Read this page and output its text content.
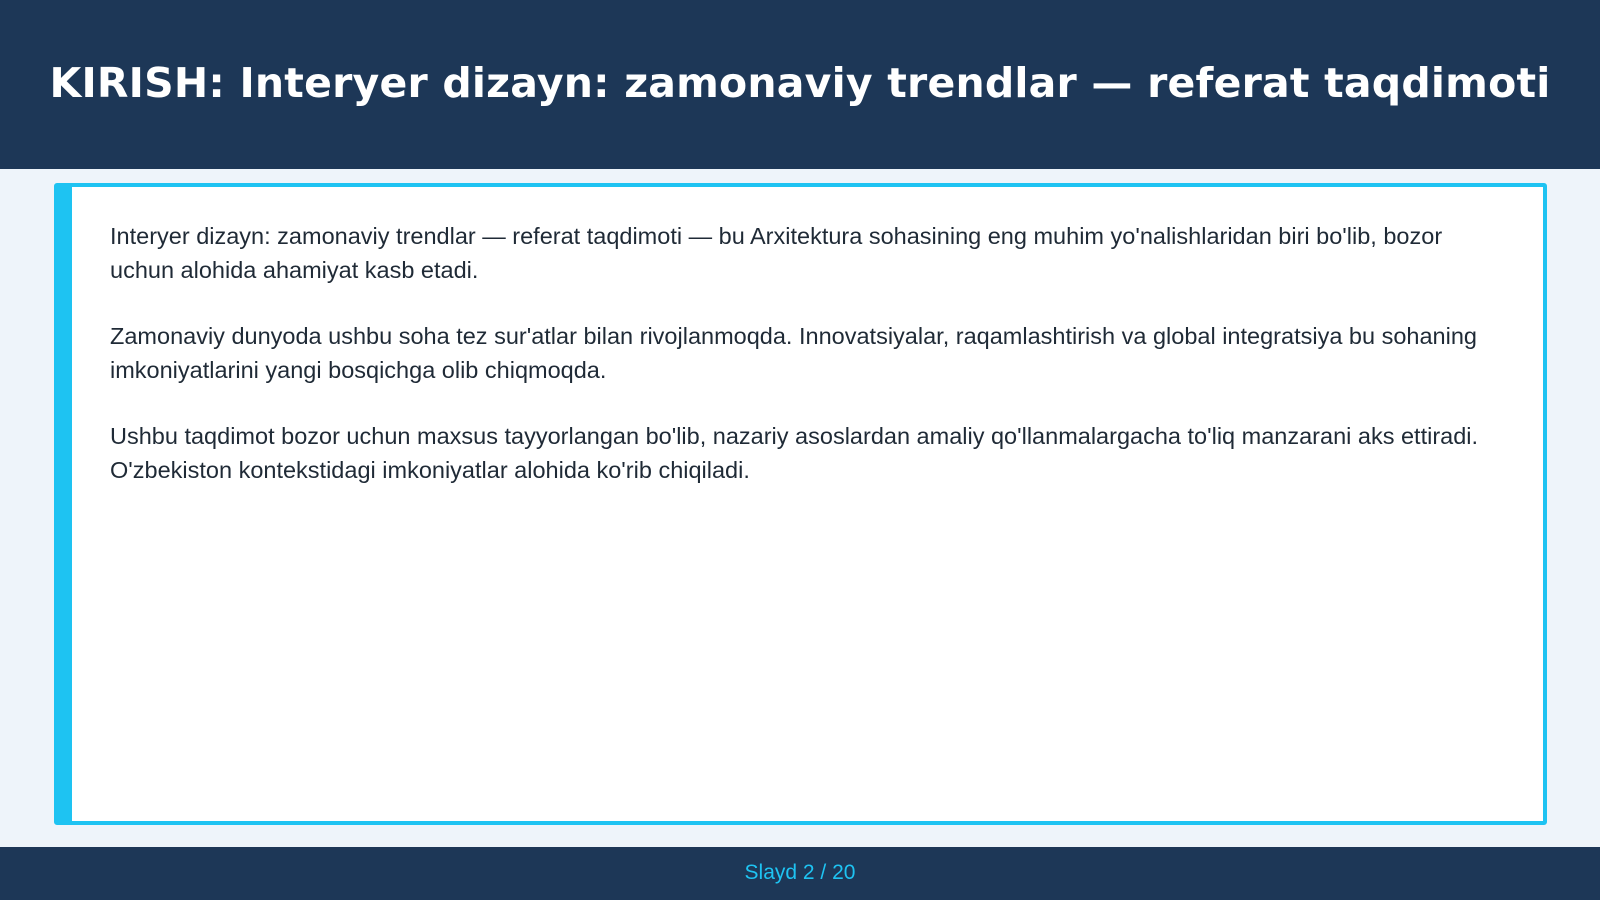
KIRISH: Interyer dizayn: zamonaviy trendlar — referat taqdimoti

Interyer dizayn: zamonaviy trendlar — referat taqdimoti — bu Arxitektura sohasining eng muhim yo'nalishlaridan biri bo'lib, bozor uchun alohida ahamiyat kasb etadi.

Zamonaviy dunyoda ushbu soha tez sur'atlar bilan rivojlanmoqda. Innovatsiyalar, raqamlashtirish va global integratsiya bu sohaning imkoniyatlarini yangi bosqichga olib chiqmoqda.

Ushbu taqdimot bozor uchun maxsus tayyorlangan bo'lib, nazariy asoslardan amaliy qo'llanmalargacha to'liq manzarani aks ettiradi. O'zbekiston kontekstidagi imkoniyatlar alohida ko'rib chiqiladi.

Slayd 2 / 20
